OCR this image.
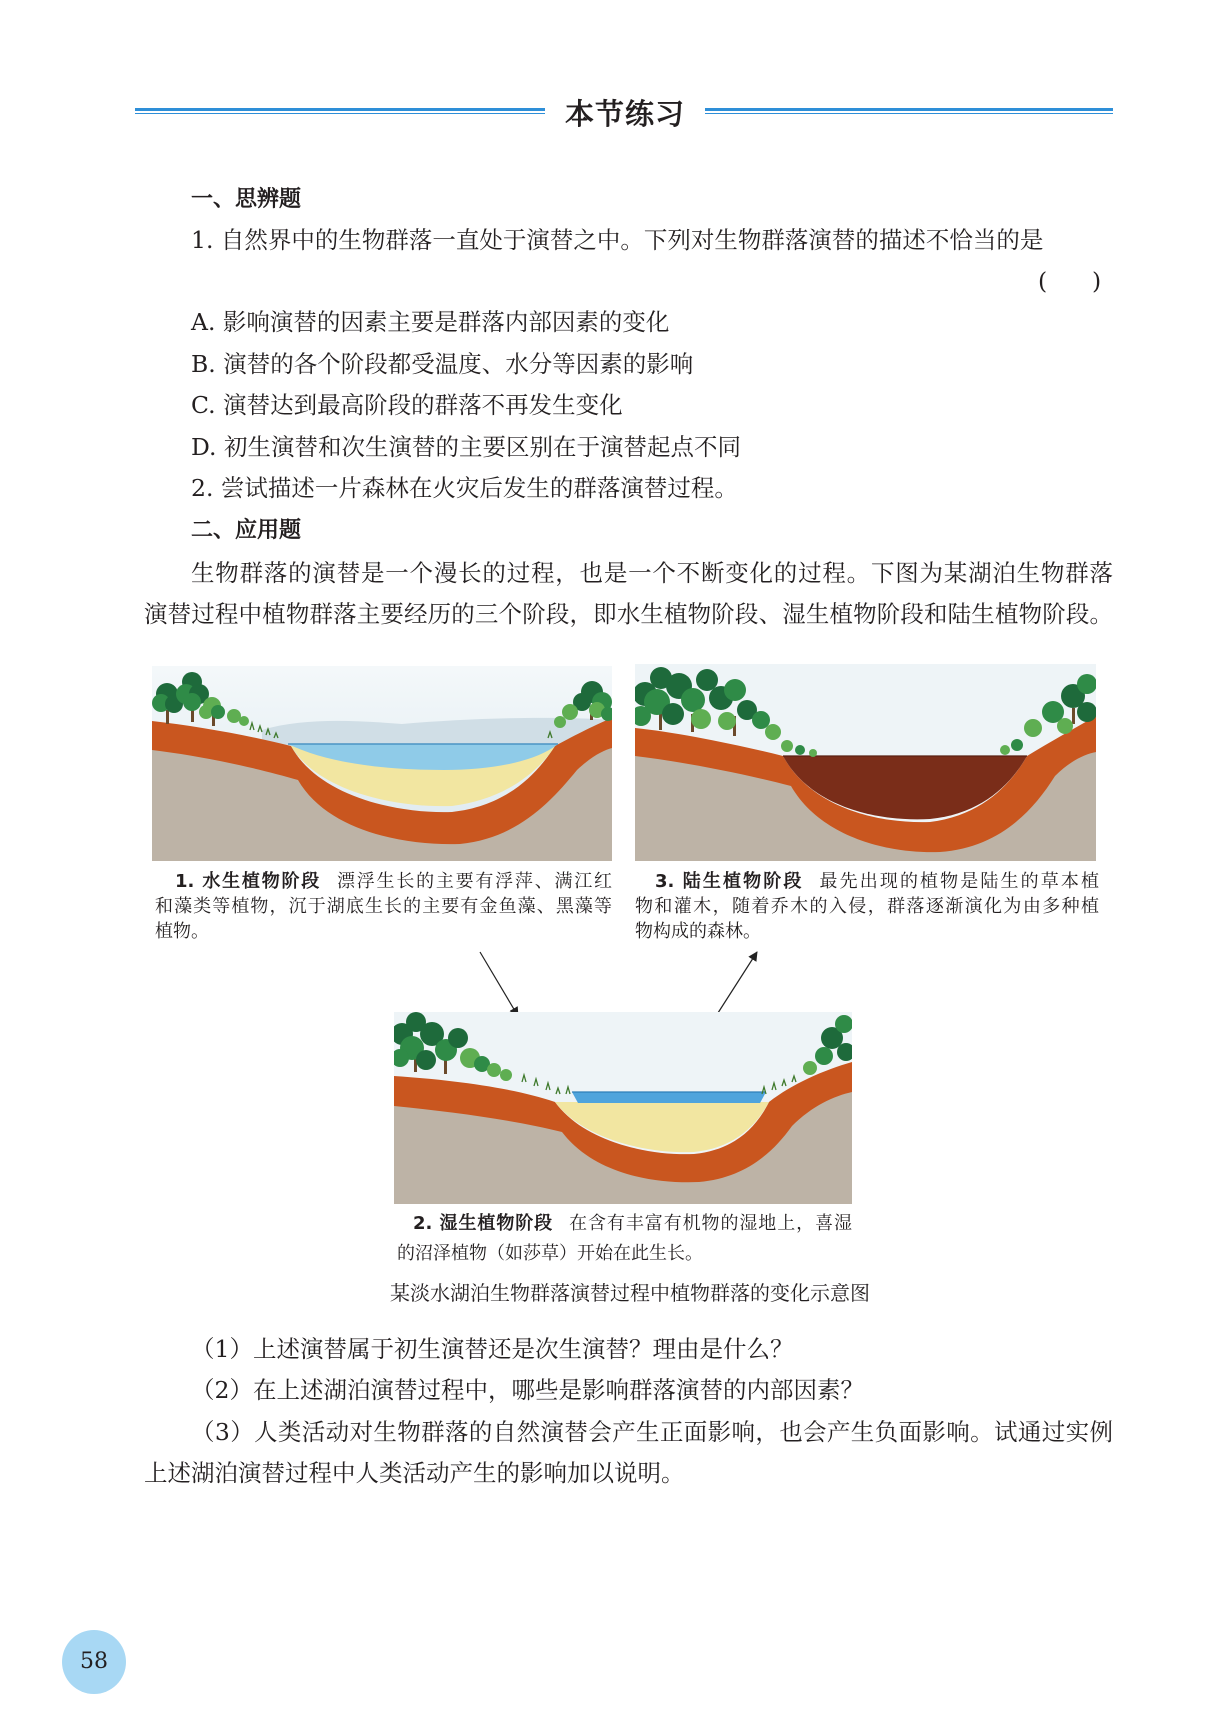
本节练习
一、思辨题
1. 自然界中的生物群落一直处于演替之中。下列对生物群落演替的描述不恰当的是
(      )
A. 影响演替的因素主要是群落内部因素的变化
B. 演替的各个阶段都受温度、水分等因素的影响
C. 演替达到最高阶段的群落不再发生变化
D. 初生演替和次生演替的主要区别在于演替起点不同
2. 尝试描述一片森林在火灾后发生的群落演替过程。
二、应用题
生物群落的演替是一个漫长的过程，也是一个不断变化的过程。下图为某湖泊生物群落
演替过程中植物群落主要经历的三个阶段，即水生植物阶段、湿生植物阶段和陆生植物阶段。
1. 水生植物阶段 漂浮生长的主要有浮萍、满江红
和藻类等植物，沉于湖底生长的主要有金鱼藻、黑藻等
植物。
3. 陆生植物阶段 最先出现的植物是陆生的草本植
物和灌木，随着乔木的入侵，群落逐渐演化为由多种植
物构成的森林。
2. 湿生植物阶段 在含有丰富有机物的湿地上，喜湿
的沼泽植物（如莎草）开始在此生长。
某淡水湖泊生物群落演替过程中植物群落的变化示意图
（1）上述演替属于初生演替还是次生演替？理由是什么？
（2）在上述湖泊演替过程中，哪些是影响群落演替的内部因素？
（3）人类活动对生物群落的自然演替会产生正面影响，也会产生负面影响。试通过实例
上述湖泊演替过程中人类活动产生的影响加以说明。
58
